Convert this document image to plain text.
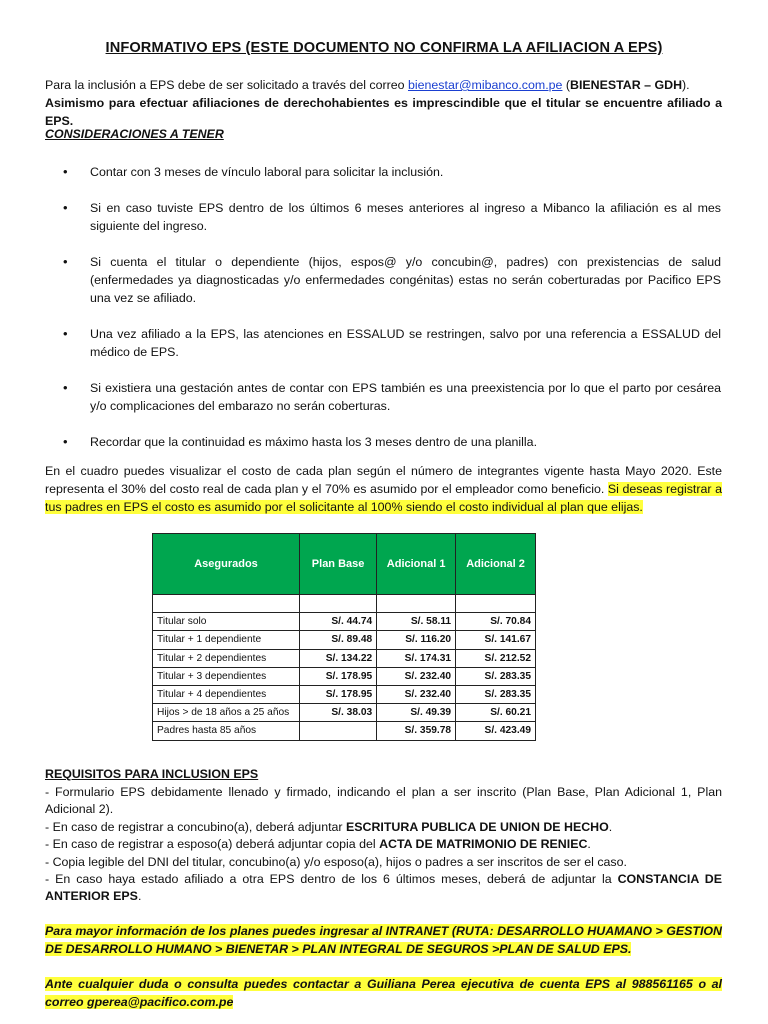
INFORMATIVO EPS (ESTE DOCUMENTO NO CONFIRMA LA AFILIACION A EPS)
Para la inclusión a EPS debe de ser solicitado a través del correo bienestar@mibanco.com.pe (BIENESTAR – GDH).
Asimismo para efectuar afiliaciones de derechohabientes es imprescindible que el titular se encuentre afiliado a EPS.
CONSIDERACIONES A TENER
• Contar con 3 meses de vínculo laboral para solicitar la inclusión.
• Si en caso tuviste EPS dentro de los últimos 6 meses anteriores al ingreso a Mibanco la afiliación es al mes siguiente del ingreso.
• Si cuenta el titular o dependiente (hijos, espos@ y/o concubin@, padres) con prexistencias de salud (enfermedades ya diagnosticadas y/o enfermedades congénitas) estas no serán coberturadas por Pacifico EPS una vez se afiliado.
• Una vez afiliado a la EPS, las atenciones en ESSALUD se restringen, salvo por una referencia a ESSALUD del médico de EPS.
• Si existiera una gestación antes de contar con EPS también es una preexistencia por lo que el parto por cesárea y/o complicaciones del embarazo no serán coberturas.
• Recordar que la continuidad es máximo hasta los 3 meses dentro de una planilla.
En el cuadro puedes visualizar el costo de cada plan según el número de integrantes vigente hasta Mayo 2020. Este representa el 30% del costo real de cada plan y el 70% es asumido por el empleador como beneficio. Si deseas registrar a tus padres en EPS el costo es asumido por el solicitante al 100% siendo el costo individual al plan que elijas.
Asegurados	Plan Base	Adicional 1	Adicional 2

Titular solo	S/. 44.74	S/. 58.11	S/. 70.84
Titular + 1 dependiente	S/. 89.48	S/. 116.20	S/. 141.67
Titular + 2 dependientes	S/. 134.22	S/. 174.31	S/. 212.52
Titular + 3 dependientes	S/. 178.95	S/. 232.40	S/. 283.35
Titular + 4 dependientes	S/. 178.95	S/. 232.40	S/. 283.35
Hijos > de 18 años a 25 años	S/. 38.03	S/. 49.39	S/. 60.21
Padres hasta 85 años		S/. 359.78	S/. 423.49
REQUISITOS PARA INCLUSION EPS
- Formulario EPS debidamente llenado y firmado, indicando el plan a ser inscrito (Plan Base, Plan Adicional 1, Plan Adicional 2).
- En caso de registrar a concubino(a), deberá adjuntar ESCRITURA PUBLICA DE UNION DE HECHO.
- En caso de registrar a esposo(a) deberá adjuntar copia del ACTA DE MATRIMONIO DE RENIEC.
- Copia legible del DNI del titular, concubino(a) y/o esposo(a), hijos o padres a ser inscritos de ser el caso.
- En caso haya estado afiliado a otra EPS dentro de los 6 últimos meses, deberá de adjuntar la CONSTANCIA DE ANTERIOR EPS.
Para mayor información de los planes puedes ingresar al INTRANET (RUTA: DESARROLLO HUAMANO > GESTION DE DESARROLLO HUMANO > BIENETAR > PLAN INTEGRAL DE SEGUROS >PLAN DE SALUD EPS.
Ante cualquier duda o consulta puedes contactar a Guiliana Perea ejecutiva de cuenta EPS al 988561165 o al correo gperea@pacifico.com.pe
